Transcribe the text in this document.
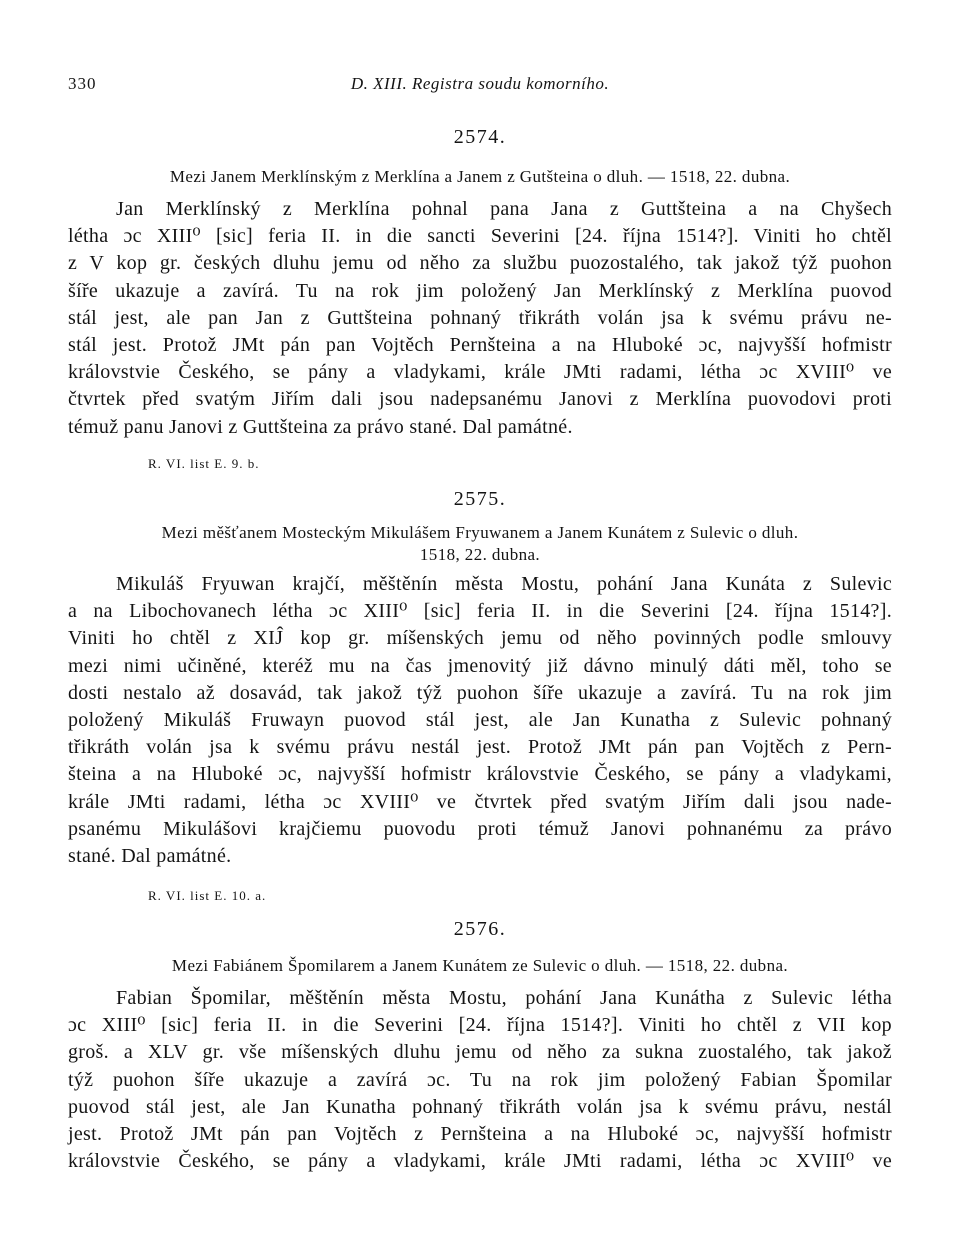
330	D. XIII. Registra soudu komorního.
2574.
Mezi Janem Merklínským z Merklína a Janem z Gutšteina o dluh. — 1518, 22. dubna.
Jan Merklínský z Merklína pohnal pana Jana z Guttšteina a na Chyšech
létha ɔc XIII⁰ [sic] feria II. in die sancti Severini [24. října 1514?]. Viniti ho chtěl
z V kop gr. českých dluhu jemu od něho za službu puozostalého, tak jakož týž puohon
šíře ukazuje a zavírá. Tu na rok jim položený Jan Merklínský z Merklína puovod
stál jest, ale pan Jan z Guttšteina pohnaný třikráth volán jsa k svému právu ne-
stál jest. Protož JMt pán pan Vojtěch Pernšteina a na Hluboké ɔc, najvyšší hofmistr
královstvie Českého, se pány a vladykami, krále JMti radami, létha ɔc XVIII⁰ ve
čtvrtek před svatým Jiřím dali jsou nadepsanému Janovi z Merklína puovodovi proti
témuž panu Janovi z Guttšteina za právo stané. Dal památné.
R. VI. list E. 9. b.
2575.
Mezi měšťanem Mosteckým Mikulášem Fryuwanem a Janem Kunátem z Sulevic o dluh.
1518, 22. dubna.
Mikuláš Fryuwan krajčí, měštěnín města Mostu, pohání Jana Kunáta z Sulevic
a na Libochovanech létha ɔc XIII⁰ [sic] feria II. in die Severini [24. října 1514?].
Viniti ho chtěl z XIĴ kop gr. míšenských jemu od něho povinných podle smlouvy
mezi nimi učiněné, kteréž mu na čas jmenovitý již dávno minulý dáti měl, toho se
dosti nestalo až dosavád, tak jakož týž puohon šíře ukazuje a zavírá. Tu na rok jim
položený Mikuláš Fruwayn puovod stál jest, ale Jan Kunatha z Sulevic pohnaný
třikráth volán jsa k svému právu nestál jest. Protož JMt pán pan Vojtěch z Pern-
šteina a na Hluboké ɔc, najvyšší hofmistr královstvie Českého, se pány a vladykami,
krále JMti radami, létha ɔc XVIII⁰ ve čtvrtek před svatým Jiřím dali jsou nade-
psanému Mikulášovi krajčiemu puovodu proti témuž Janovi pohnanému za právo
stané. Dal památné.
R. VI. list E. 10. a.
2576.
Mezi Fabiánem Špomilarem a Janem Kunátem ze Sulevic o dluh. — 1518, 22. dubna.
Fabian Špomilar, měštěnín města Mostu, pohání Jana Kunátha z Sulevic létha
ɔc XIII⁰ [sic] feria II. in die Severini [24. října 1514?]. Viniti ho chtěl z VII kop
groš. a XLV gr. vše míšenských dluhu jemu od něho za sukna zuostalého, tak jakož
týž puohon šíře ukazuje a zavírá ɔc. Tu na rok jim položený Fabian Špomilar
puovod stál jest, ale Jan Kunatha pohnaný třikráth volán jsa k svému právu, nestál
jest. Protož JMt pán pan Vojtěch z Pernšteina a na Hluboké ɔc, najvyšší hofmistr
královstvie Českého, se pány a vladykami, krále JMti radami, létha ɔc XVIII⁰ ve
